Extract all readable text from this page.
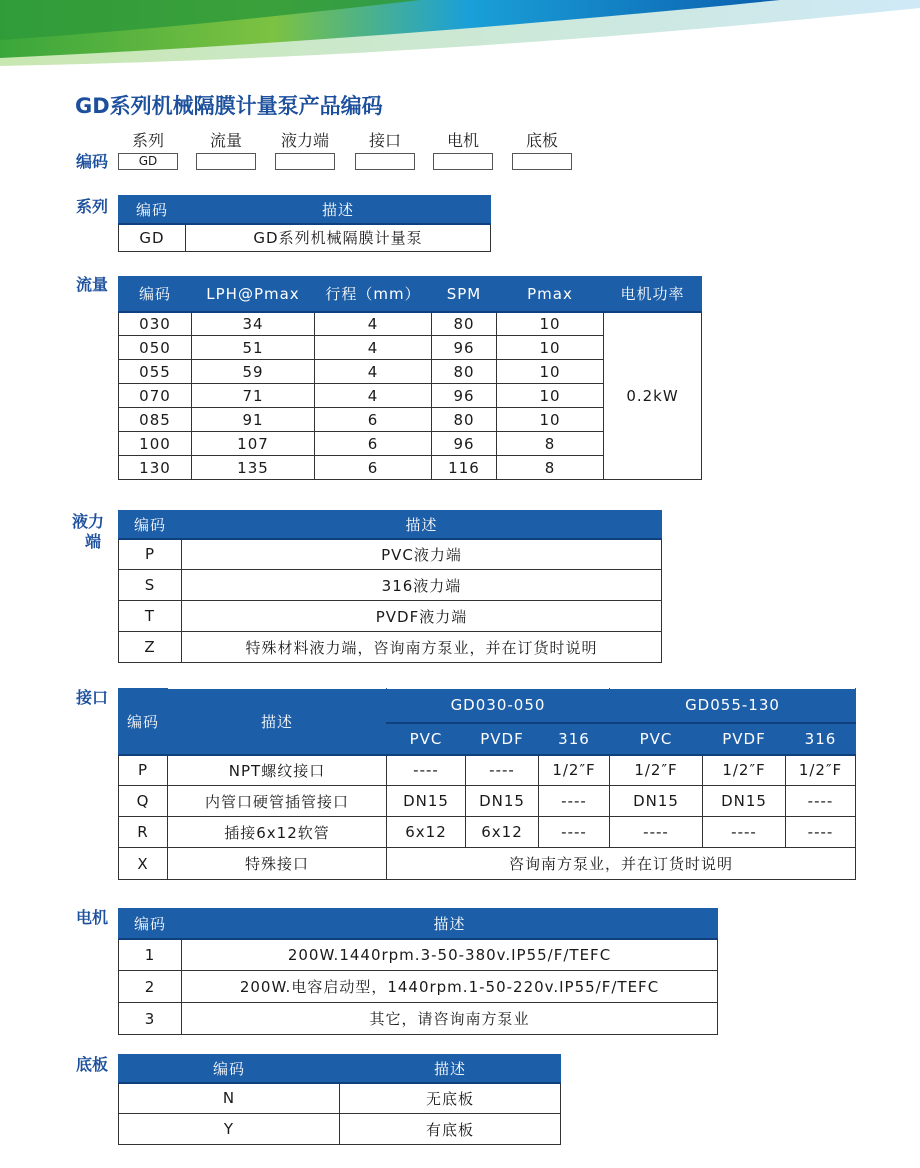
GD系列机械隔膜计量泵产品编码
系列	流量	液力端	接口	电机	底板
编码	GD
系列 编码	描述
GD	GD系列机械隔膜计量泵
流量
编码	LPH@Pmax	行程（mm）	SPM	Pmax	电机功率
030	34	4	80	10	0.2kW
050	51	4	96	10	
055	59	4	80	10	
070	71	4	96	10	
085	91	6	80	10	
100	107	6	96	8	
130	135	6	116	8	
液力
端
编码	描述
P	PVC液力端
S	316液力端
T	PVDF液力端
Z	特殊材料液力端，咨询南方泵业，并在订货时说明
接口
编码	描述	GD030-050			GD055-130		
		PVC	PVDF	316	PVC	PVDF	316
P	NPT螺纹接口	----	----	1/2″F	1/2″F	1/2″F	1/2″F
Q	内管口硬管插管接口	DN15	DN15	----	DN15	DN15	----
R	插接6x12软管	6x12	6x12	----	----	----	----
X	特殊接口	咨询南方泵业，并在订货时说明					
电机 编码	描述
1	200W.1440rpm.3-50-380v.IP55/F/TEFC
2	200W.电容启动型，1440rpm.1-50-220v.IP55/F/TEFC
3	其它，请咨询南方泵业
底板	编码	描述
N	无底板
Y	有底板
